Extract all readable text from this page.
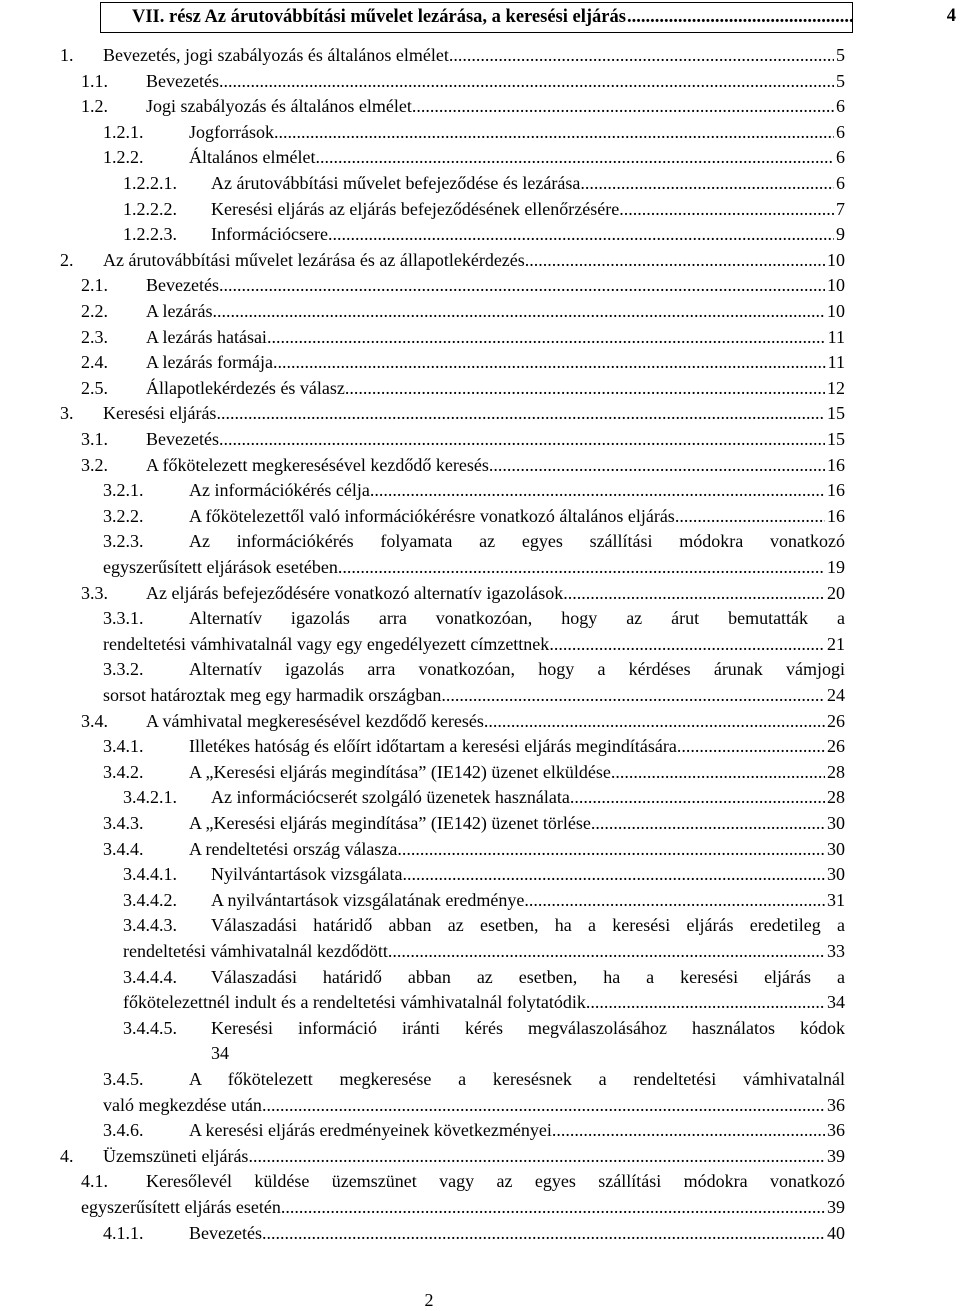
VII. rész Az árutovábbítási művelet lezárása, a keresési eljárás .....	4
1. Bevezetés, jogi szabályozás és általános elmélet .....	5
1.1. Bevezetés .....	5
1.2. Jogi szabályozás és általános elmélet .....	6
1.2.1.	Jogforrások .....	6
1.2.2.	Általános elmélet .....	6
1.2.2.1. Az árutovábbítási művelet befejeződése és lezárása .....	6
1.2.2.2. Keresési eljárás az eljárás befejeződésének ellenőrzésére .....	7
1.2.2.3. Információcsere .....	9
2. Az árutovábbítási művelet lezárása és az állapotlekérdezés .....	10
2.1. Bevezetés .....	10
2.2. A lezárás .....	10
2.3. A lezárás hatásai .....	11
2.4. A lezárás formája .....	11
2.5. Állapotlekérdezés és válasz .....	12
3. Keresési eljárás .....	15
3.1. Bevezetés .....	15
3.2. A főkötelezett megkeresésével kezdődő keresés .....	16
3.2.1.	Az információkérés célja .....	16
3.2.2.	A főkötelezettől való információkérésre vonatkozó általános eljárás .....	16
3.2.3.	Az információkérés folyamata az egyes szállítási módokra vonatkozó
egyszerűsített eljárások esetében .....	19
3.3. Az eljárás befejeződésére vonatkozó alternatív igazolások .....	20
3.3.1.	Alternatív igazolás arra vonatkozóan, hogy az árut bemutatták a
rendeltetési vámhivatalnál vagy egy engedélyezett címzettnek .....	21
3.3.2.	Alternatív igazolás arra vonatkozóan, hogy a kérdéses árunak vámjogi
sorsot határoztak meg egy harmadik országban .....	24
3.4. A vámhivatal megkeresésével kezdődő keresés .....	26
3.4.1.	Illetékes hatóság és előírt időtartam a keresési eljárás megindítására .....	26
3.4.2.	A „Keresési eljárás megindítása” (IE142) üzenet elküldése .....	28
3.4.2.1. Az információcserét szolgáló üzenetek használata .....	28
3.4.3.	A „Keresési eljárás megindítása” (IE142) üzenet törlése .....	30
3.4.4.	A rendeltetési ország válasza .....	30
3.4.4.1. Nyilvántartások vizsgálata .....	30
3.4.4.2. A nyilvántartások vizsgálatának eredménye .....	31
3.4.4.3. Válaszadási határidő abban az esetben, ha a keresési eljárás eredetileg a
rendeltetési vámhivatalnál kezdődött .....	33
3.4.4.4. Válaszadási határidő abban az esetben, ha a keresési eljárás a
főkötelezettnél indult és a rendeltetési vámhivatalnál folytatódik .....	34
3.4.4.5. Keresési információ iránti kérés megválaszolásához használatos kódok
34
3.4.5.	A főkötelezett megkeresése a keresésnek a rendeltetési vámhivatalnál
való megkezdése után .....	36
3.4.6.	A keresési eljárás eredményeinek következményei .....	36
4. Üzemszüneti eljárás .....	39
4.1. Keresőlevél küldése üzemszünet vagy az egyes szállítási módokra vonatkozó
egyszerűsített eljárás esetén .....	39
4.1.1.	Bevezetés .....	40
2
